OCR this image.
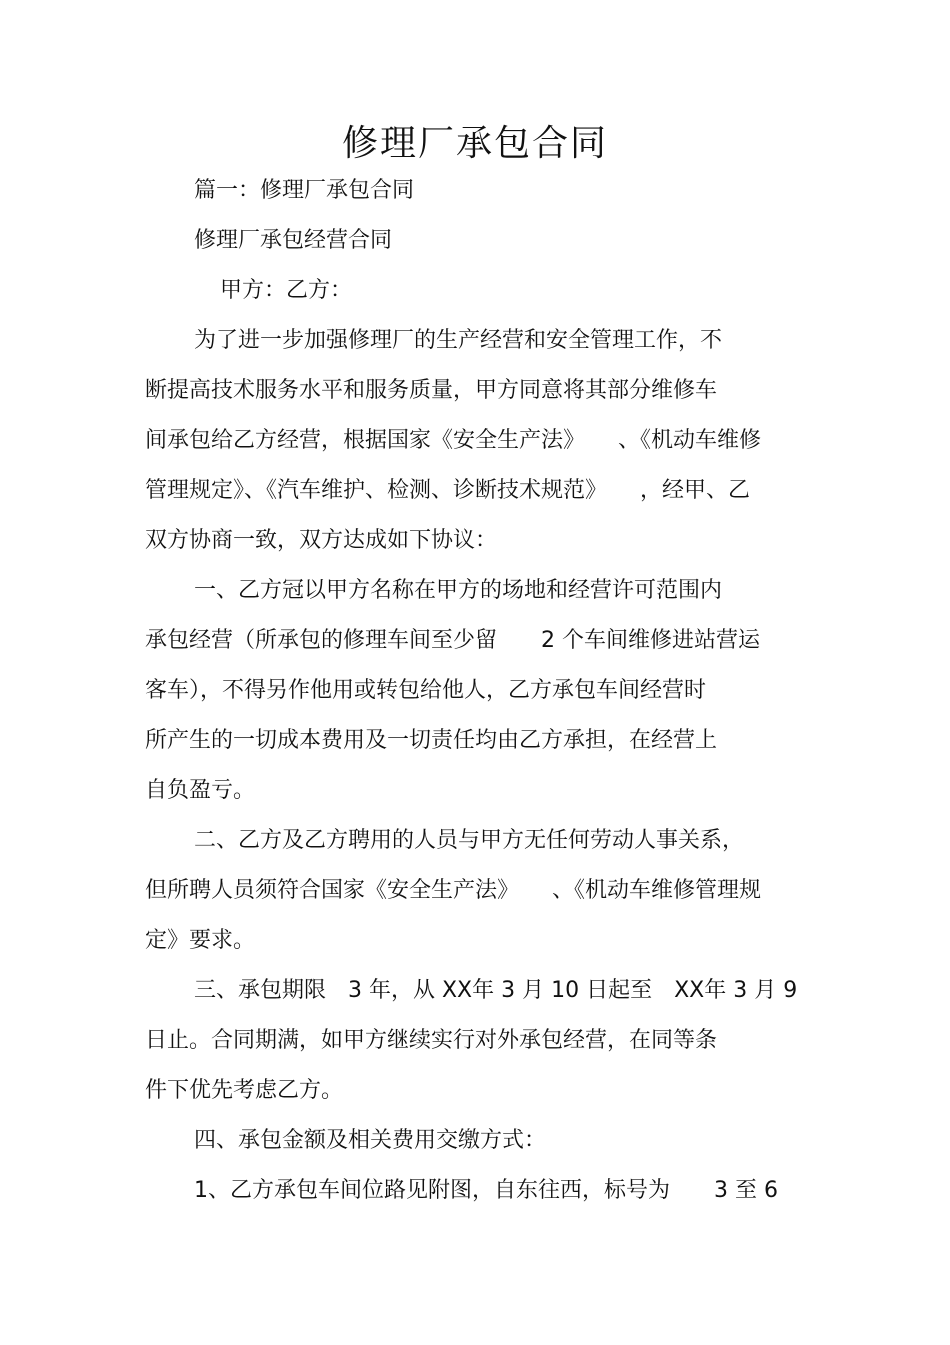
修理厂承包合同
篇一：修理厂承包合同
修理厂承包经营合同
甲方：乙方：
为了进一步加强修理厂的生产经营和安全管理工作，不
断提高技术服务水平和服务质量，甲方同意将其部分维修车
间承包给乙方经营，根据国家《安全生产法》　　、《机动车维修
管理规定》、《汽车维护、检测、诊断技术规范》　　，经甲、乙
双方协商一致，双方达成如下协议：
一、乙方冠以甲方名称在甲方的场地和经营许可范围内
承包经营（所承包的修理车间至少留　　2 个车间维修进站营运
客车），不得另作他用或转包给他人，乙方承包车间经营时
所产生的一切成本费用及一切责任均由乙方承担，在经营上
自负盈亏。
二、乙方及乙方聘用的人员与甲方无任何劳动人事关系，
但所聘人员须符合国家《安全生产法》　　、《机动车维修管理规
定》要求。
三、承包期限　3 年，从 XX年 3 月 10 日起至　XX年 3 月 9
日止。合同期满，如甲方继续实行对外承包经营，在同等条
件下优先考虑乙方。
四、承包金额及相关费用交缴方式：
1、乙方承包车间位路见附图，自东往西，标号为　　3 至 6
